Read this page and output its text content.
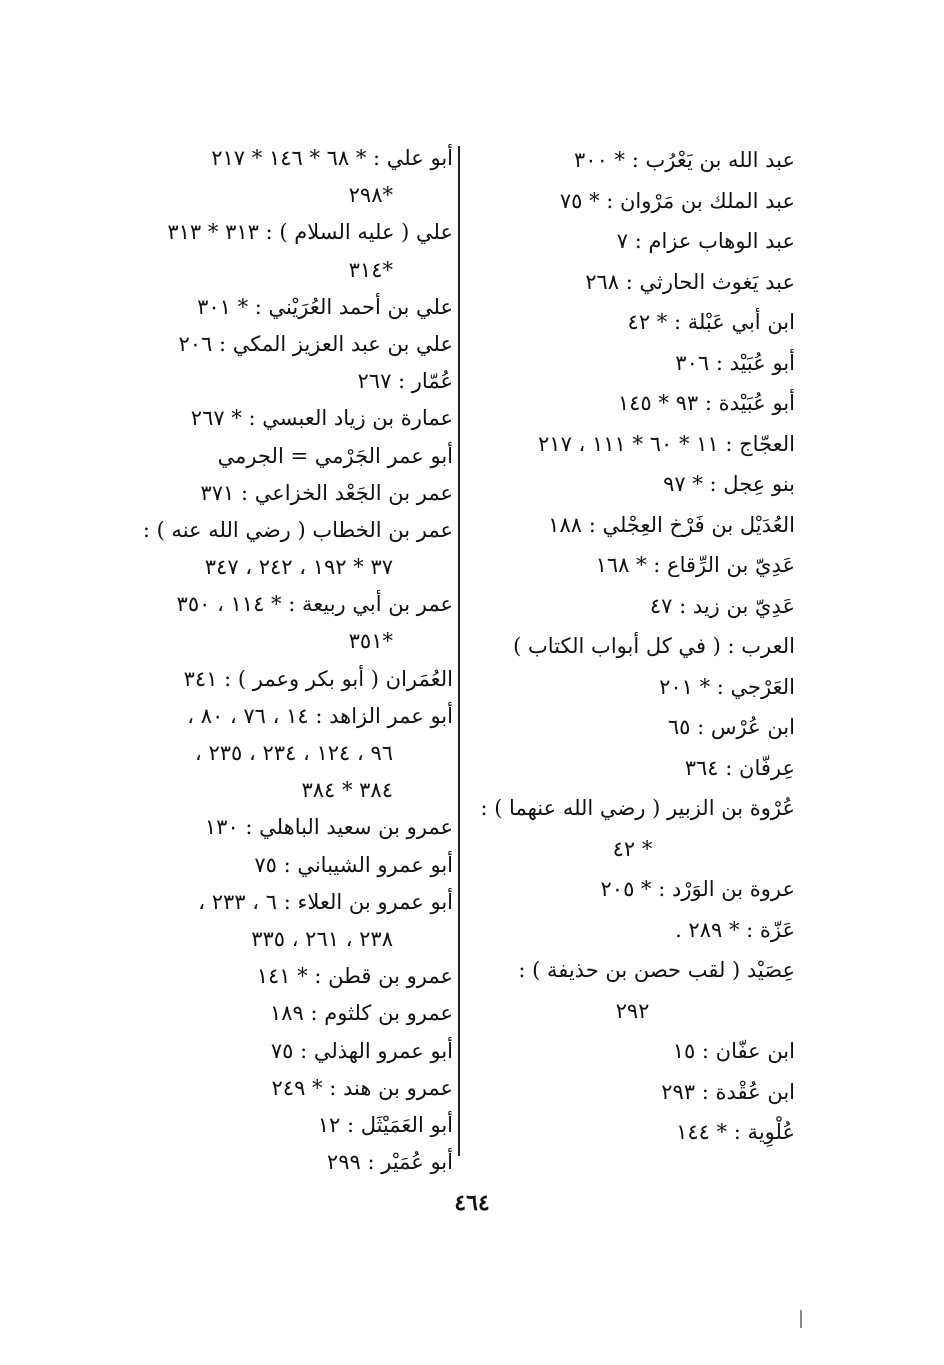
عبد الله بن يَعْرُب : * ٣٠٠
عبد الملك بن مَرْوان : * ٧٥
عبد الوهاب عزام : ٧
عبد يَغوث الحارثي : ٢٦٨
ابن أبي عَبْلة : * ٤٢
أبو عُبَيْد : ٣٠٦
أبو عُبَيْدة : ٩٣ * ١٤٥
العجّاج : ١١ * ٦٠ * ١١١ ، ٢١٧
بنو عِجل : * ٩٧
العُدَيْل بن فَرْخ العِجْلي : ١٨٨
عَدِيّ بن الرِّقاع : * ١٦٨
عَدِيّ بن زيد : ٤٧
العرب : ( في كل أبواب الكتاب )
العَرْجي : * ٢٠١
ابن عُرْس : ٦٥
عِرفّان : ٣٦٤
عُرْوة بن الزبير ( رضي الله عنهما ) :
* ٤٢
عروة بن الوَرْد : * ٢٠٥
عَزّة : * ٢٨٩ .
عِصَيْد ( لقب حصن بن حذيفة ) :
٢٩٢
ابن عفّان : ١٥
ابن عُقْدة : ٢٩٣
عُلْوِية : * ١٤٤
أبو علي : * ٦٨ * ١٤٦ * ٢١٧
*٢٩٨
علي ( عليه السلام ) : ٣١٣ * ٣١٣
*٣١٤
علي بن أحمد العُرَيْني : * ٣٠١
علي بن عبد العزيز المكي : ٢٠٦
عُمّار : ٢٦٧
عمارة بن زياد العبسي : * ٢٦٧
أبو عمر الجَرْمي = الجرمي
عمر بن الجَعْد الخزاعي : ٣٧١
عمر بن الخطاب ( رضي الله عنه ) :
٣٧ * ١٩٢ ، ٢٤٢ ، ٣٤٧
عمر بن أبي ربيعة : * ١١٤ ، ٣٥٠
*٣٥١
العُمَران ( أبو بكر وعمر ) : ٣٤١
أبو عمر الزاهد : ١٤ ، ٧٦ ، ٨٠ ،
٩٦ ، ١٢٤ ، ٢٣٤ ، ٢٣٥ ،
٣٨٤ * ٣٨٤
عمرو بن سعيد الباهلي : ١٣٠
أبو عمرو الشيباني : ٧٥
أبو عمرو بن العلاء : ٦ ، ٢٣٣ ،
٢٣٨ ، ٢٦١ ، ٣٣٥
عمرو بن قطن : * ١٤١
عمرو بن كلثوم : ١٨٩
أبو عمرو الهذلي : ٧٥
عمرو بن هند : * ٢٤٩
أبو العَمَيْثَل : ١٢
أبو عُمَيْر : ٢٩٩
٤٦٤
